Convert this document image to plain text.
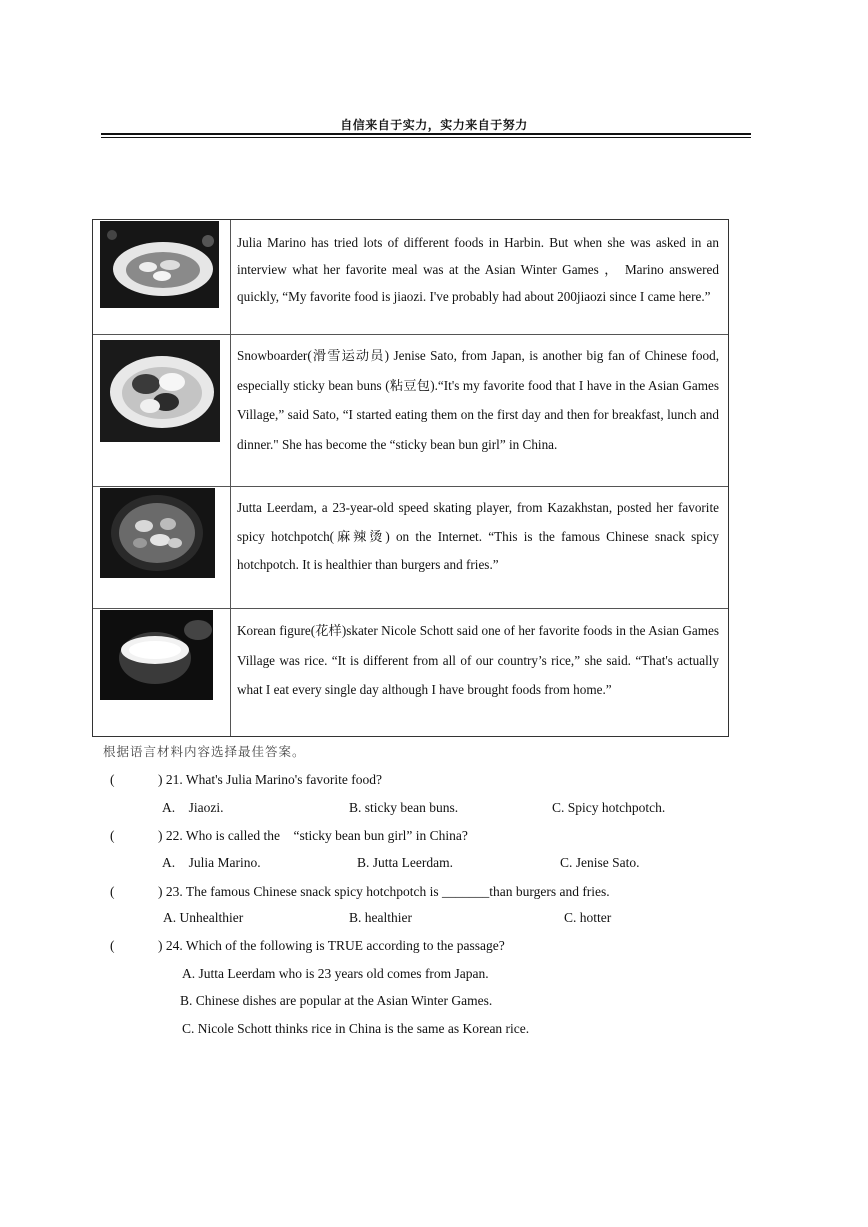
自信来自于实力，实力来自于努力
Julia Marino has tried lots of different foods in Harbin. But when she was asked in an interview what her favorite meal was at the Asian Winter Games ， Marino answered quickly, “My favorite food is jiaozi. I've probably had about 200jiaozi since I came here.”
Snowboarder(滑雪运动员) Jenise Sato, from Japan, is another big fan of Chinese food, especially sticky bean buns (粘豆包).“It's my favorite food that I have in the Asian Games Village,” said Sato, “I started eating them on the first day and then for breakfast, lunch and dinner." She has become the “sticky bean bun girl” in China.
Jutta Leerdam, a 23-year-old speed skating player, from Kazakhstan, posted her favorite spicy hotchpotch(麻辣烫) on the Internet. “This is the famous Chinese snack spicy hotchpotch. It is healthier than burgers and fries.”
Korean figure(花样)skater Nicole Schott said one of her favorite foods in the Asian Games Village was rice. “It is different from all of our country’s rice,” she said. “That's actually what I eat every single day although I have brought foods from home.”
根据语言材料内容选择最佳答案。
(	) 21. What's Julia Marino's favorite food?
A.    Jiaozi.	B. sticky bean buns.	C. Spicy hotchpotch.
(	) 22. Who is called the    “sticky bean bun girl” in China?
A.    Julia Marino.	B. Jutta Leerdam.	C. Jenise Sato.
(	) 23. The famous Chinese snack spicy hotchpotch is _______than burgers and fries.
A. Unhealthier	B. healthier	C. hotter
(	) 24. Which of the following is TRUE according to the passage?
A. Jutta Leerdam who is 23 years old comes from Japan.
B. Chinese dishes are popular at the Asian Winter Games.
C. Nicole Schott thinks rice in China is the same as Korean rice.
